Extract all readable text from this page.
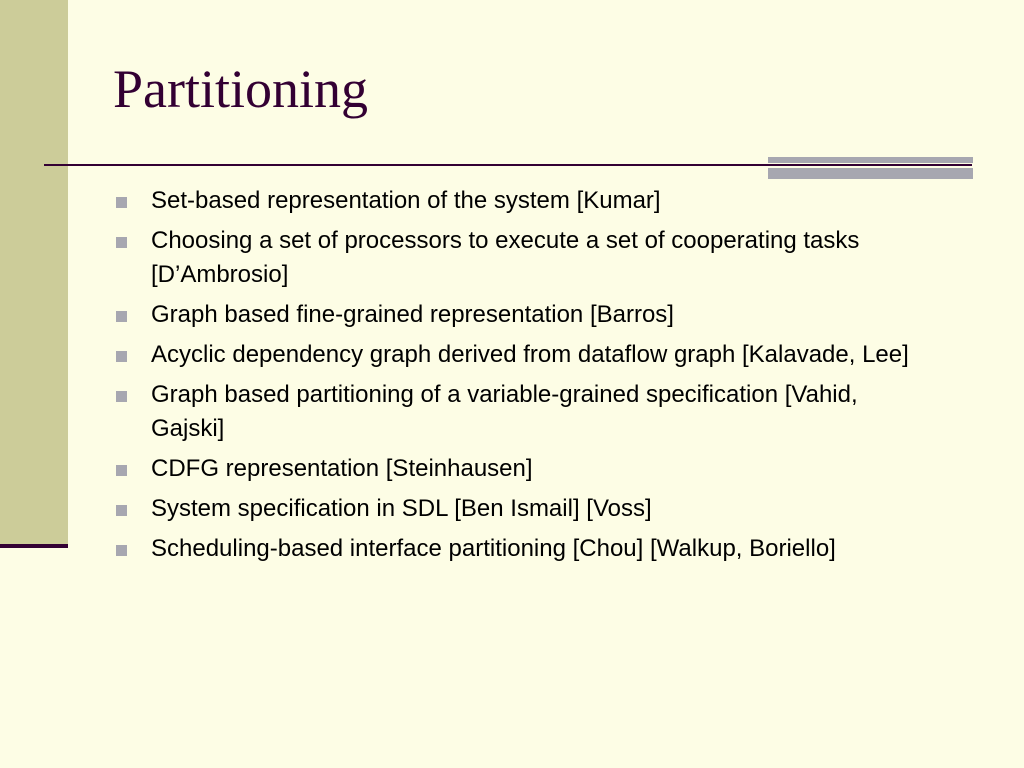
Partitioning
Set-based representation of the system [Kumar]
Choosing a set of processors to execute a set of cooperating tasks [D’Ambrosio]
Graph based fine-grained representation [Barros]
Acyclic dependency graph derived from dataflow graph [Kalavade, Lee]
Graph based partitioning of a variable-grained specification [Vahid, Gajski]
CDFG representation [Steinhausen]
System specification in SDL [Ben Ismail] [Voss]
Scheduling-based interface partitioning [Chou] [Walkup, Boriello]
